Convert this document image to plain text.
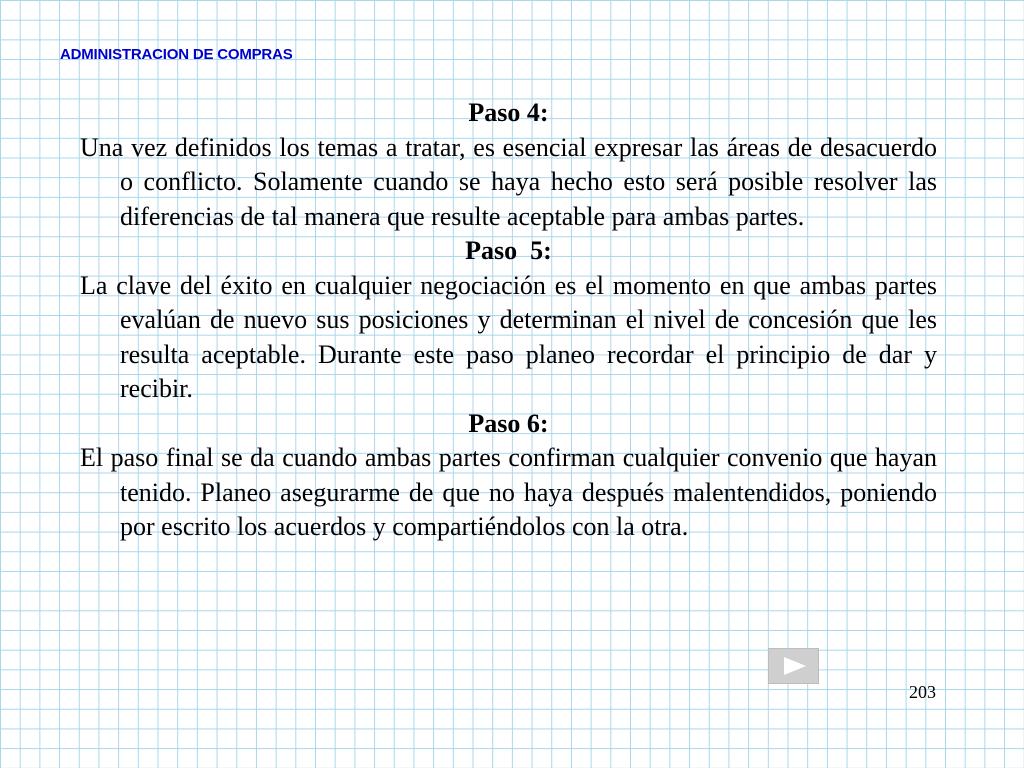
ADMINISTRACION DE COMPRAS

Paso 4:

Una vez definidos los temas a tratar, es esencial expresar las áreas de desacuerdo o conflicto. Solamente cuando se haya hecho esto será posible resolver las diferencias de tal manera que resulte aceptable para ambas partes.

Paso  5:

La clave del éxito en cualquier negociación es el momento en que ambas partes evalúan de nuevo sus posiciones y determinan el nivel de concesión que les resulta aceptable. Durante este paso planeo recordar el principio de dar y recibir.

Paso 6:

El paso final se da cuando ambas partes confirman cualquier convenio que hayan tenido. Planeo asegurarme de que no haya después malentendidos, poniendo por escrito los acuerdos y compartiéndolos con la otra.

203
